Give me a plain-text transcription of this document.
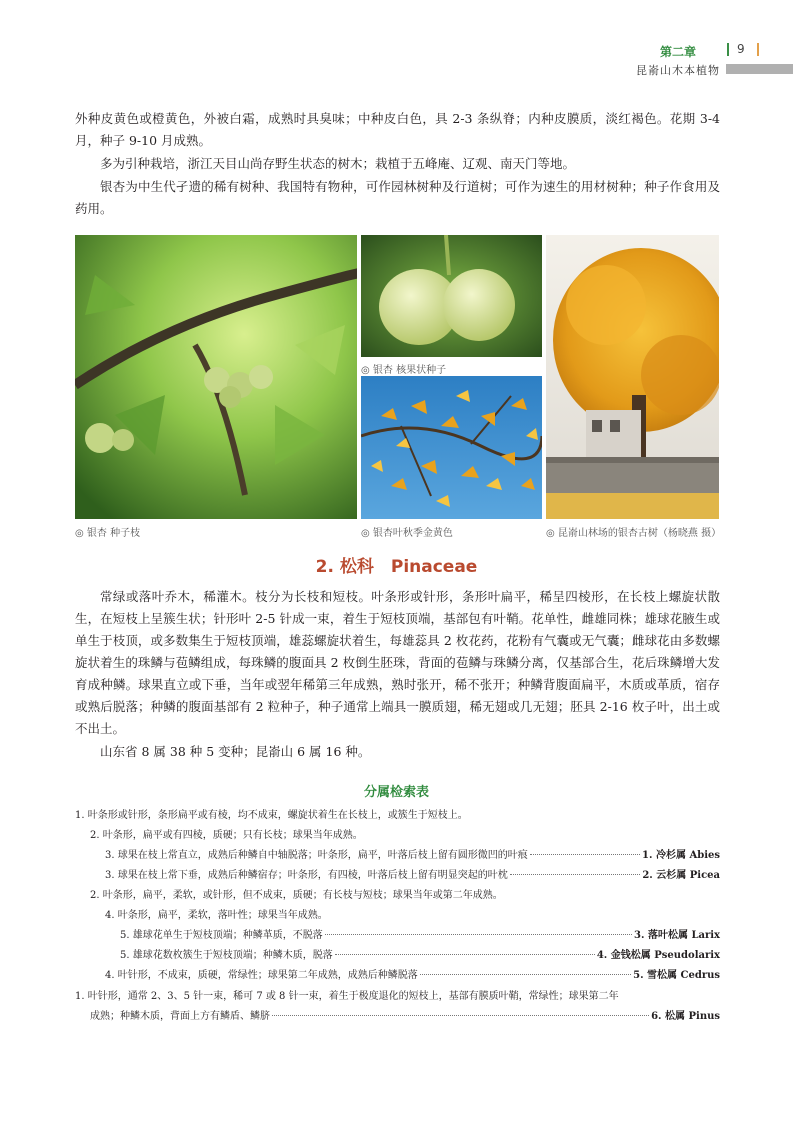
第二章	9
昆嵛山木本植物

外种皮黄色或橙黄色，外被白霜，成熟时具臭味；中种皮白色，具 2-3 条纵脊；内种皮膜质，淡红褐色。花期 3-4 月，种子 9-10 月成熟。

多为引种栽培，浙江天目山尚存野生状态的树木；栽植于五峰庵、辽观、南天门等地。

银杏为中生代孑遗的稀有树种、我国特有物种，可作园林树种及行道树；可作为速生的用材树种；种子作食用及药用。

◎ 银杏 种子枝
◎ 银杏 核果状种子
◎ 银杏叶秋季金黄色	◎ 昆嵛山林场的银杏古树（杨晓燕 摄）
2. 松科　Pinaceae

常绿或落叶乔木，稀灌木。枝分为长枝和短枝。叶条形或针形，条形叶扁平，稀呈四棱形，在长枝上螺旋状散生，在短枝上呈簇生状；针形叶 2-5 针成一束，着生于短枝顶端，基部包有叶鞘。花单性，雌雄同株；雄球花腋生或单生于枝顶，或多数集生于短枝顶端，雄蕊螺旋状着生，每雄蕊具 2 枚花药，花粉有气囊或无气囊；雌球花由多数螺旋状着生的珠鳞与苞鳞组成，每珠鳞的腹面具 2 枚倒生胚珠，背面的苞鳞与珠鳞分离，仅基部合生，花后珠鳞增大发育成种鳞。球果直立或下垂，当年或翌年稀第三年成熟，熟时张开，稀不张开；种鳞背腹面扁平，木质或革质，宿存或熟后脱落；种鳞的腹面基部有 2 粒种子，种子通常上端具一膜质翅，稀无翅或几无翅；胚具 2-16 枚子叶，出土或不出土。

山东省 8 属 38 种 5 变种；昆嵛山 6 属 16 种。

分属检索表
1. 叶条形或针形，条形扁平或有棱，均不成束，螺旋状着生在长枝上，或簇生于短枝上。
2. 叶条形，扁平或有四棱，质硬；只有长枝；球果当年成熟。
3. 球果在枝上常直立，成熟后种鳞自中轴脱落；叶条形，扁平，叶落后枝上留有圆形微凹的叶痕	1. 冷杉属 Abies
3. 球果在枝上常下垂，成熟后种鳞宿存；叶条形，有四棱，叶落后枝上留有明显突起的叶枕	2. 云杉属 Picea
2. 叶条形，扁平，柔软，或针形，但不成束，质硬；有长枝与短枝；球果当年或第二年成熟。
4. 叶条形，扁平，柔软，落叶性；球果当年成熟。
5. 雄球花单生于短枝顶端；种鳞革质，不脱落	3. 落叶松属 Larix
5. 雄球花数枚簇生于短枝顶端；种鳞木质，脱落	4. 金钱松属 Pseudolarix
4. 叶针形，不成束，质硬，常绿性；球果第二年成熟，成熟后种鳞脱落	5. 雪松属 Cedrus
1. 叶针形，通常 2、3、5 针一束，稀可 7 或 8 针一束，着生于极度退化的短枝上，基部有膜质叶鞘，常绿性；球果第二年
成熟；种鳞木质，背面上方有鳞盾、鳞脐	6. 松属 Pinus
